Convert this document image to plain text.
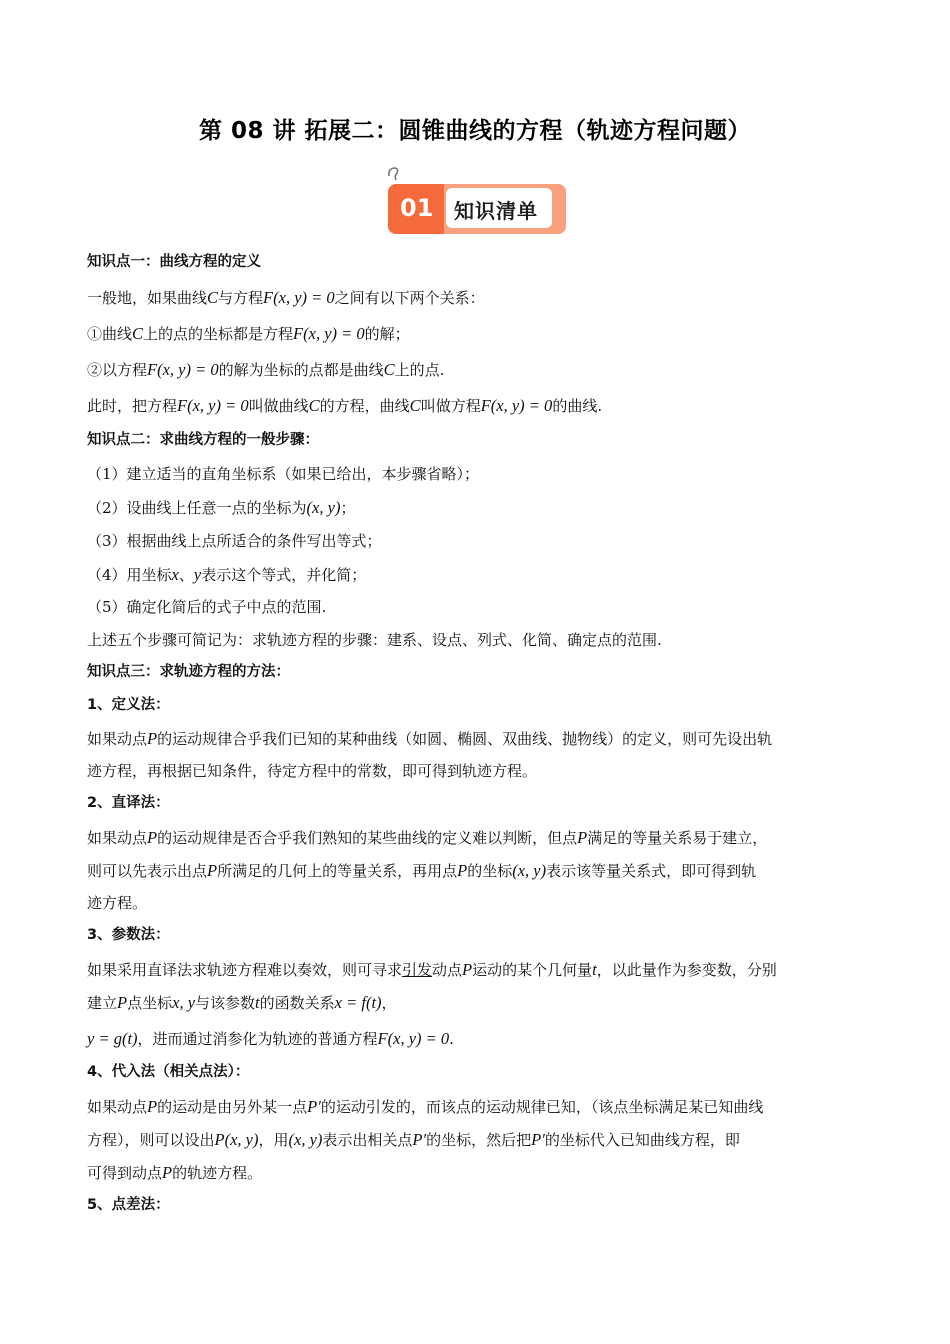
第 08 讲 拓展二：圆锥曲线的方程（轨迹方程问题）
01 知识清单
知识点一：曲线方程的定义
一般地，如果曲线C与方程F(x, y) = 0之间有以下两个关系：
①曲线C上的点的坐标都是方程F(x, y) = 0的解；
②以方程F(x, y) = 0的解为坐标的点都是曲线C上的点.
此时，把方程F(x, y) = 0叫做曲线C的方程，曲线C叫做方程F(x, y) = 0的曲线.
知识点二：求曲线方程的一般步骤：
（1）建立适当的直角坐标系（如果已给出，本步骤省略）；
（2）设曲线上任意一点的坐标为(x, y)；
（3）根据曲线上点所适合的条件写出等式；
（4）用坐标x、y表示这个等式，并化简；
（5）确定化简后的式子中点的范围.
上述五个步骤可简记为：求轨迹方程的步骤：建系、设点、列式、化简、确定点的范围.
知识点三：求轨迹方程的方法：
1、定义法：
如果动点P的运动规律合乎我们已知的某种曲线（如圆、椭圆、双曲线、抛物线）的定义，则可先设出轨
迹方程，再根据已知条件，待定方程中的常数，即可得到轨迹方程。
2、直译法：
如果动点P的运动规律是否合乎我们熟知的某些曲线的定义难以判断，但点P满足的等量关系易于建立，
则可以先表示出点P所满足的几何上的等量关系，再用点P的坐标(x, y)表示该等量关系式，即可得到轨
迹方程。
3、参数法：
如果采用直译法求轨迹方程难以奏效，则可寻求引发动点P运动的某个几何量t，以此量作为参变数，分别
建立P点坐标x, y与该参数t的函数关系x = f(t)，
y = g(t)，进而通过消参化为轨迹的普通方程F(x, y) = 0.
4、代入法（相关点法）：
如果动点P的运动是由另外某一点P′的运动引发的，而该点的运动规律已知，（该点坐标满足某已知曲线
方程），则可以设出P(x, y)，用(x, y)表示出相关点P′的坐标，然后把P′的坐标代入已知曲线方程，即
可得到动点P的轨迹方程。
5、点差法：
